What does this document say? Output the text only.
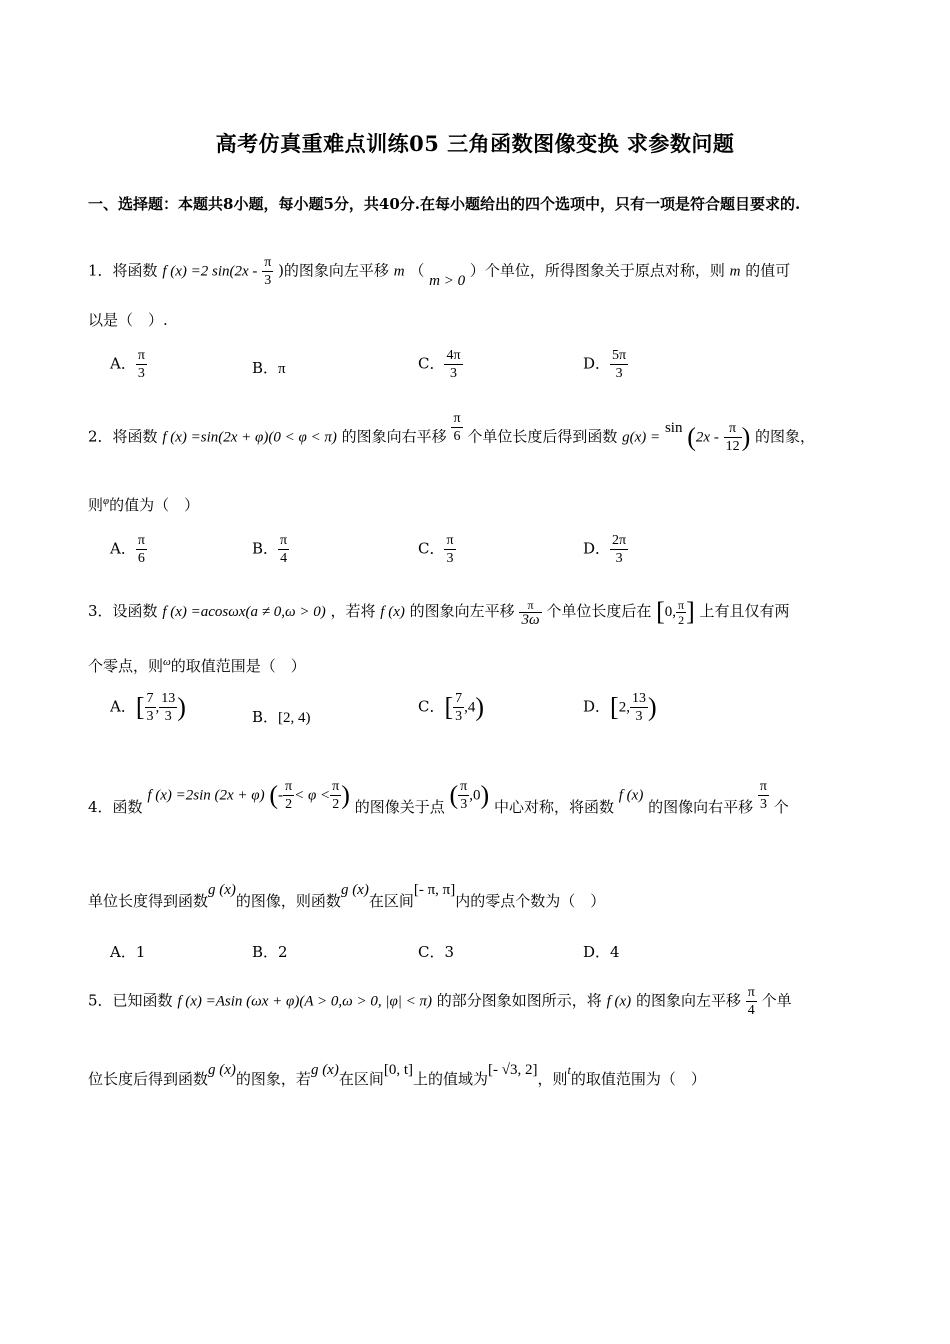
高考仿真重难点训练05 三角函数图像变换 求参数问题
一、选择题：本题共8小题，每小题5分，共40分.在每小题给出的四个选项中，只有一项是符合题目要求的.
1．将函数 f (x) =2 $\sin(2x - \frac{\pi}{3}$ )的图象向左平移 m （ m > 0 ）个单位，所得图象关于原点对称，则 m 的值可
以是（　）.
A． $\frac{\pi}{3}$	B．π	C． $\frac{4\pi}{3}$	D． $\frac{5\pi}{3}$
2．将函数 f (x) =sin(2x + φ)(0 < φ < π) 的图象向右平移 $\frac{\pi}{6}$ 个单位长度后得到函数 $g(x) = \sin (2x - \frac{\pi}{12}$ ) 的图象，
则$^\varphi$的值为（　）
A． $\frac{\pi}{6}$	B． $\frac{\pi}{4}$	C． $\frac{\pi}{3}$	D． $\frac{2\pi}{3}$
3．设函数 f (x) =acosωx(a ≠ 0,ω > 0) ，若将 f (x) 的图象向左平移 $\frac{\pi}{3\omega}$ 个单位长度后在 [0, $\frac{\pi}{2}$ ] 上有且仅有两
个零点，则$^\omega$的取值范围是（　）
A．[ $\frac{7}{3}$ , $\frac{13}{3}$ )	B．[2, 4)
C．[ $\frac{7}{3} ,4$)	D．[2, $\frac{13}{3}$ )
4．函数 f (x) =2sin (2x + φ) (- $\frac{\pi}{2} < \varphi < \frac{\pi}{2}$ ) 的图像关于点 ( $\frac{\pi}{3} ,0$) 中心对称，将函数 f (x) 的图像向右平移 $\frac{\pi}{3}$ 个
单位长度得到函数g (x)的图像，则函数g (x)在区间[- π, π]内的零点个数为（　）
A．1	B．2	C．3	D．4
5．已知函数 f (x) =Asin (ωx + φ)(A > 0,ω > 0, |φ| < π) 的部分图象如图所示，将 f (x) 的图象向左平移 $\frac{\pi}{4}$ 个单
位长度后得到函数g (x)的图象，若g (x)在区间[0, t]上的值域为[- √3, 2]，则t的取值范围为（　）
